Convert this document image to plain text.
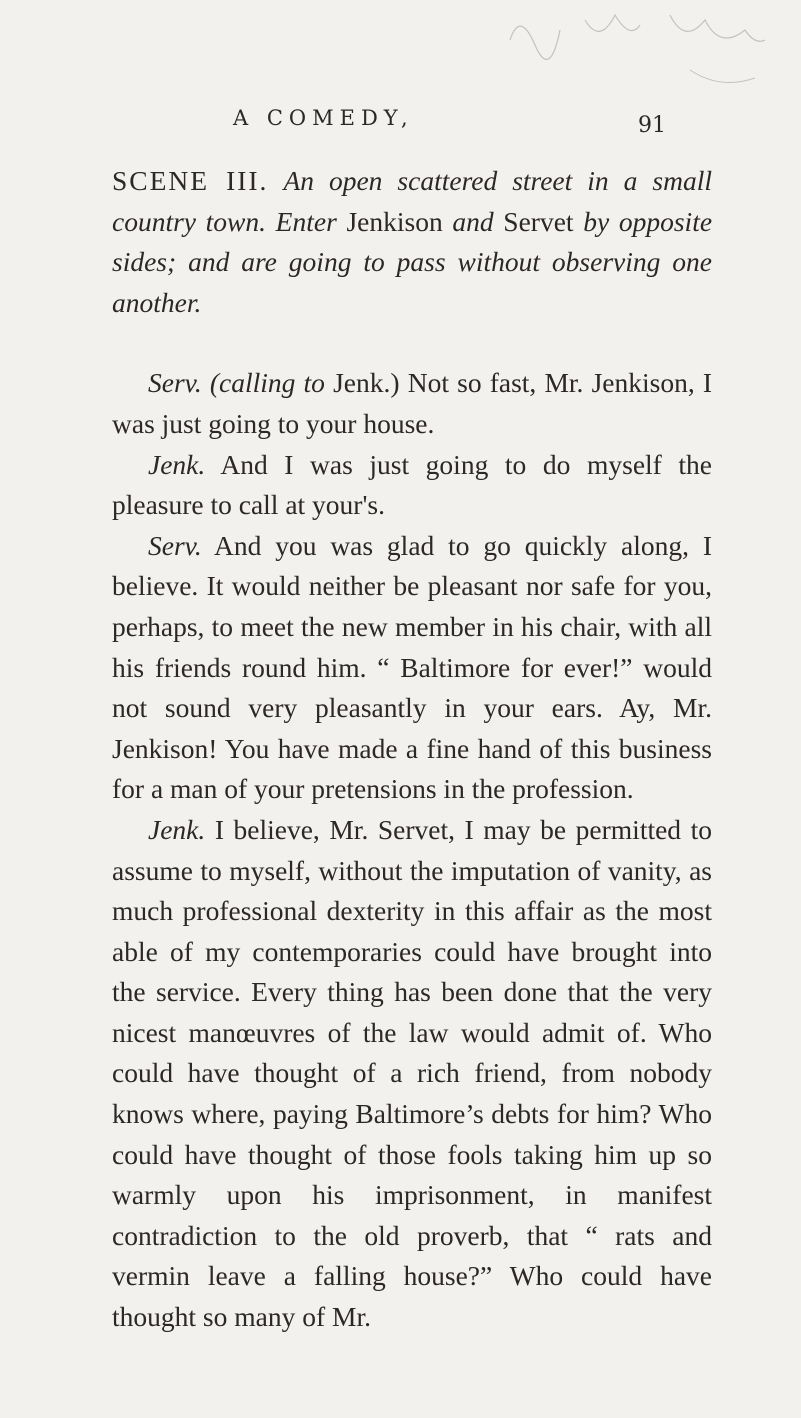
A COMEDY,	91

SCENE III. An open scattered street in a small country town. Enter Jenkison and Servet by opposite sides; and are going to pass without observing one another.

Serv. (calling to Jenk.) Not so fast, Mr. Jenkison, I was just going to your house.

Jenk. And I was just going to do myself the pleasure to call at your's.

Serv. And you was glad to go quickly along, I believe. It would neither be pleasant nor safe for you, perhaps, to meet the new member in his chair, with all his friends round him. “ Baltimore for ever!” would not sound very pleasantly in your ears. Ay, Mr. Jenkison! You have made a fine hand of this business for a man of your pretensions in the profession.

Jenk. I believe, Mr. Servet, I may be permitted to assume to myself, without the imputation of vanity, as much professional dexterity in this affair as the most able of my contemporaries could have brought into the service. Every thing has been done that the very nicest manœuvres of the law would admit of. Who could have thought of a rich friend, from nobody knows where, paying Baltimore’s debts for him? Who could have thought of those fools taking him up so warmly upon his imprisonment, in manifest contradiction to the old proverb, that “ rats and vermin leave a falling house?” Who could have thought so many of Mr.
